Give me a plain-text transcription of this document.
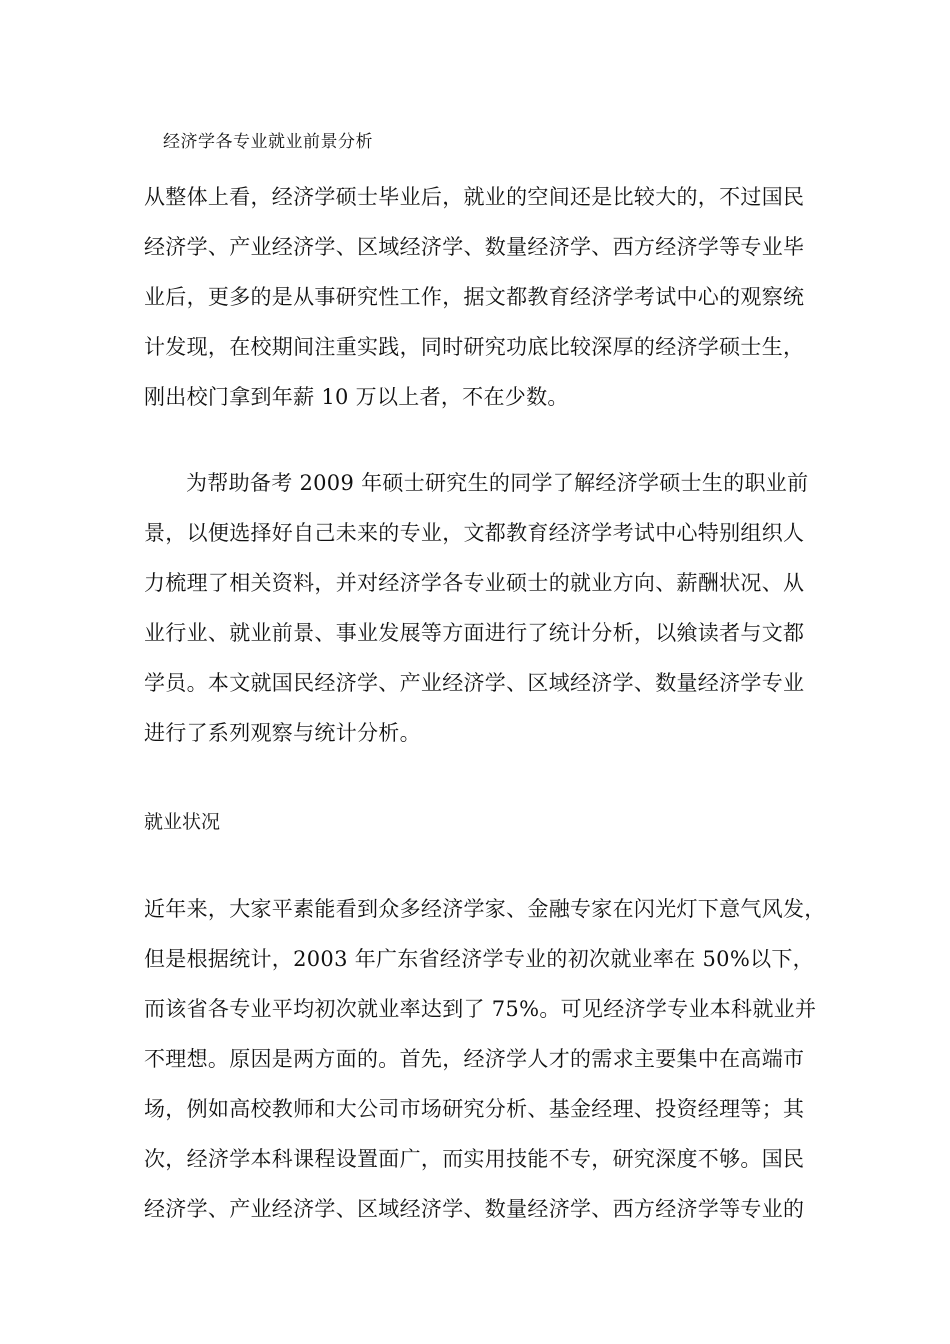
经济学各专业就业前景分析
从整体上看，经济学硕士毕业后，就业的空间还是比较大的，不过国民
经济学、产业经济学、区域经济学、数量经济学、西方经济学等专业毕
业后，更多的是从事研究性工作，据文都教育经济学考试中心的观察统
计发现，在校期间注重实践，同时研究功底比较深厚的经济学硕士生，
刚出校门拿到年薪 10 万以上者，不在少数。
为帮助备考 2009 年硕士研究生的同学了解经济学硕士生的职业前
景，以便选择好自己未来的专业，文都教育经济学考试中心特别组织人
力梳理了相关资料，并对经济学各专业硕士的就业方向、薪酬状况、从
业行业、就业前景、事业发展等方面进行了统计分析，以飨读者与文都
学员。本文就国民经济学、产业经济学、区域经济学、数量经济学专业
进行了系列观察与统计分析。
就业状况
近年来，大家平素能看到众多经济学家、金融专家在闪光灯下意气风发，
但是根据统计，2003 年广东省经济学专业的初次就业率在 50%以下，
而该省各专业平均初次就业率达到了 75%。可见经济学专业本科就业并
不理想。原因是两方面的。首先，经济学人才的需求主要集中在高端市
场，例如高校教师和大公司市场研究分析、基金经理、投资经理等；其
次，经济学本科课程设置面广，而实用技能不专，研究深度不够。国民
经济学、产业经济学、区域经济学、数量经济学、西方经济学等专业的
